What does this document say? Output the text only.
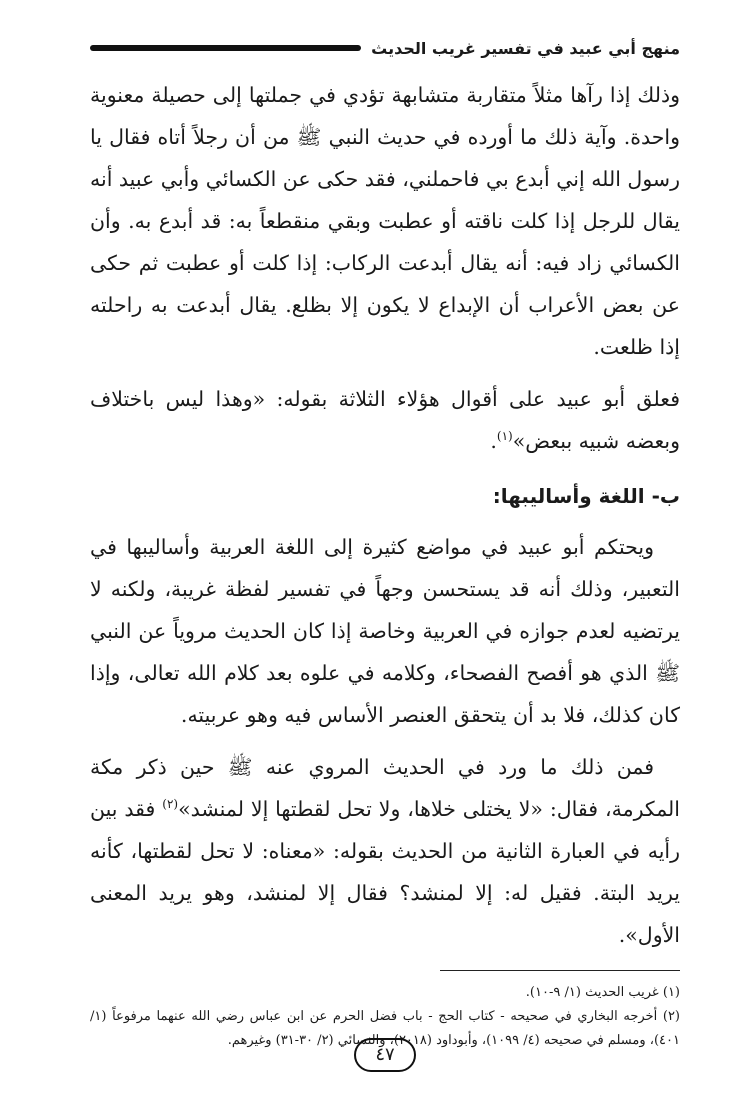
منهج أبي عبيد في تفسير غريب الحديث

وذلك إذا رآها مثلاً متقاربة متشابهة تؤدي في جملتها إلى حصيلة معنوية واحدة. وآية ذلك ما أورده في حديث النبي ﷺ من أن رجلاً أتاه فقال يا رسول الله إني أبدع بي فاحملني، فقد حكى عن الكسائي وأبي عبيد أنه يقال للرجل إذا كلت ناقته أو عطبت وبقي منقطعاً به: قد أبدع به. وأن الكسائي زاد فيه: أنه يقال أبدعت الركاب: إذا كلت أو عطبت ثم حكى عن بعض الأعراب أن الإبداع لا يكون إلا بظلع. يقال أبدعت به راحلته إذا ظلعت.

فعلق أبو عبيد على أقوال هؤلاء الثلاثة بقوله: «وهذا ليس باختلاف وبعضه شبيه ببعض»$^{(١)}$.

ب- اللغة وأساليبها:

ويحتكم أبو عبيد في مواضع كثيرة إلى اللغة العربية وأساليبها في التعبير، وذلك أنه قد يستحسن وجهاً في تفسير لفظة غريبة، ولكنه لا يرتضيه لعدم جوازه في العربية وخاصة إذا كان الحديث مروياً عن النبي ﷺ الذي هو أفصح الفصحاء، وكلامه في علوه بعد كلام الله تعالى، وإذا كان كذلك، فلا بد أن يتحقق العنصر الأساس فيه وهو عربيته.

فمن ذلك ما ورد في الحديث المروي عنه ﷺ حين ذكر مكة المكرمة، فقال: «لا يختلى خلاها، ولا تحل لقطتها إلا لمنشد»$^{(٢)}$ فقد بين رأيه في العبارة الثانية من الحديث بقوله: «معناه: لا تحل لقطتها، كأنه يريد البتة. فقيل له: إلا لمنشد؟ فقال إلا لمنشد، وهو يريد المعنى الأول».

(١) غريب الحديث (١/ ٩-١٠).
(٢) أخرجه البخاري في صحيحه - كتاب الحج - باب فضل الحرم عن ابن عباس رضي الله عنهما مرفوعاً (١/ ٤٠١)، ومسلم في صحيحه (٤/ ١٠٩٩)، وأبوداود (٢٠١٨)، والنسائي (٢/ ٣٠-٣١) وغيرهم.
٤٧
